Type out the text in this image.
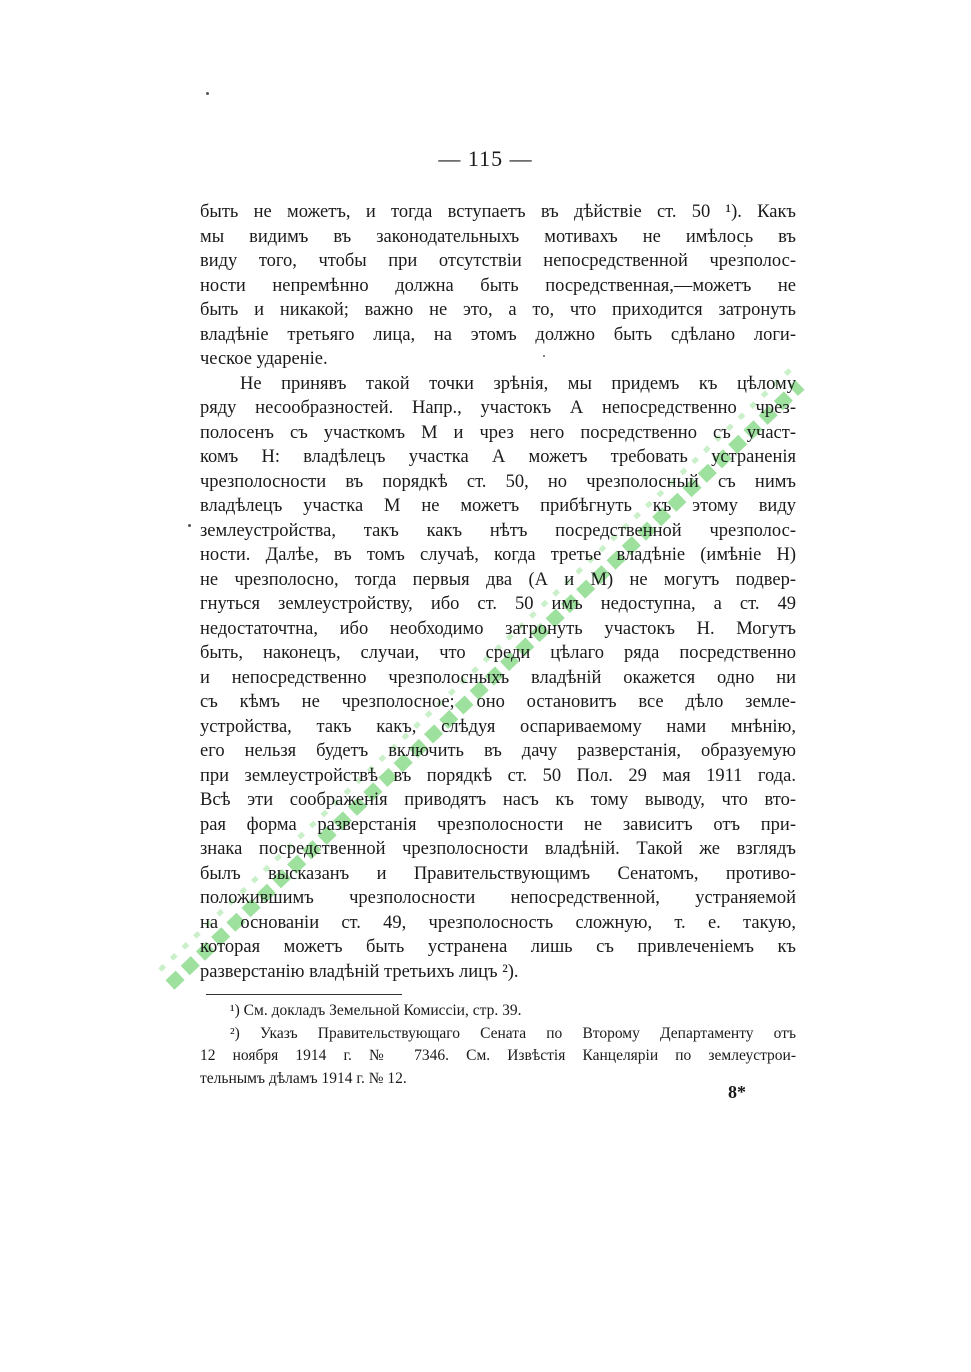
— 115 —
быть не можетъ, и тогда вступаетъ въ дѣйствіе ст. 50 ¹). Какъ
мы видимъ въ законодательныхъ мотивахъ не имѣлось въ
виду того, чтобы при отсутствіи непосредственной чрезполос-
ности непремѣнно должна быть посредственная,—можетъ не
быть и никакой; важно не это, а то, что приходится затронуть
владѣніе третьяго лица, на этомъ должно быть сдѣлано логи-
ческое удареніе.
Не принявъ такой точки зрѣнія, мы придемъ къ цѣлому
ряду несообразностей. Напр., участокъ А непосредственно чрез-
полосенъ съ участкомъ М и чрез него посредственно съ участ-
комъ Н: владѣлецъ участка А можетъ требовать устраненія
чрезполосности въ порядкѣ ст. 50, но чрезполосный съ нимъ
владѣлецъ участка М не можетъ прибѣгнуть къ этому виду
землеустройства, такъ какъ нѣтъ посредственной чрезполос-
ности. Далѣе, въ томъ случаѣ, когда третье владѣніе (имѣніе Н)
не чрезполосно, тогда первыя два (А и М) не могутъ подвер-
гнуться землеустройству, ибо ст. 50 имъ недоступна, а ст. 49
недостаточтна, ибо необходимо затронуть участокъ Н. Могутъ
быть, наконецъ, случаи, что среди цѣлаго ряда посредственно
и непосредственно чрезполосныхъ владѣній окажется одно ни
съ кѣмъ не чрезполосное; оно остановитъ все дѣло земле-
устройства, такъ какъ, слѣдуя оспариваемому нами мнѣнію,
его нельзя будетъ включить въ дачу разверстанія, образуемую
при землеустройствѣ въ порядкѣ ст. 50 Пол. 29 мая 1911 года.
Всѣ эти соображенія приводятъ насъ къ тому выводу, что вто-
рая форма разверстанія чрезполосности не зависитъ отъ при-
знака посредственной чрезполосности владѣній. Такой же взглядъ
былъ высказанъ и Правительствующимъ Сенатомъ, противо-
положившимъ чрезполосности непосредственной, устраняемой
на основаніи ст. 49, чрезполосность сложную, т. е. такую,
которая можетъ быть устранена лишь съ привлеченіемъ къ
разверстанію владѣній третьихъ лицъ ²).
¹) См. докладъ Земельной Комиссіи, стр. 39.
²) Указъ Правительствующаго Сената по Второму Департаменту отъ
12 ноября 1914 г. № 7346. См. Извѣстія Канцеляріи по землеустрои-
тельнымъ дѣламъ 1914 г. № 12.
8*
